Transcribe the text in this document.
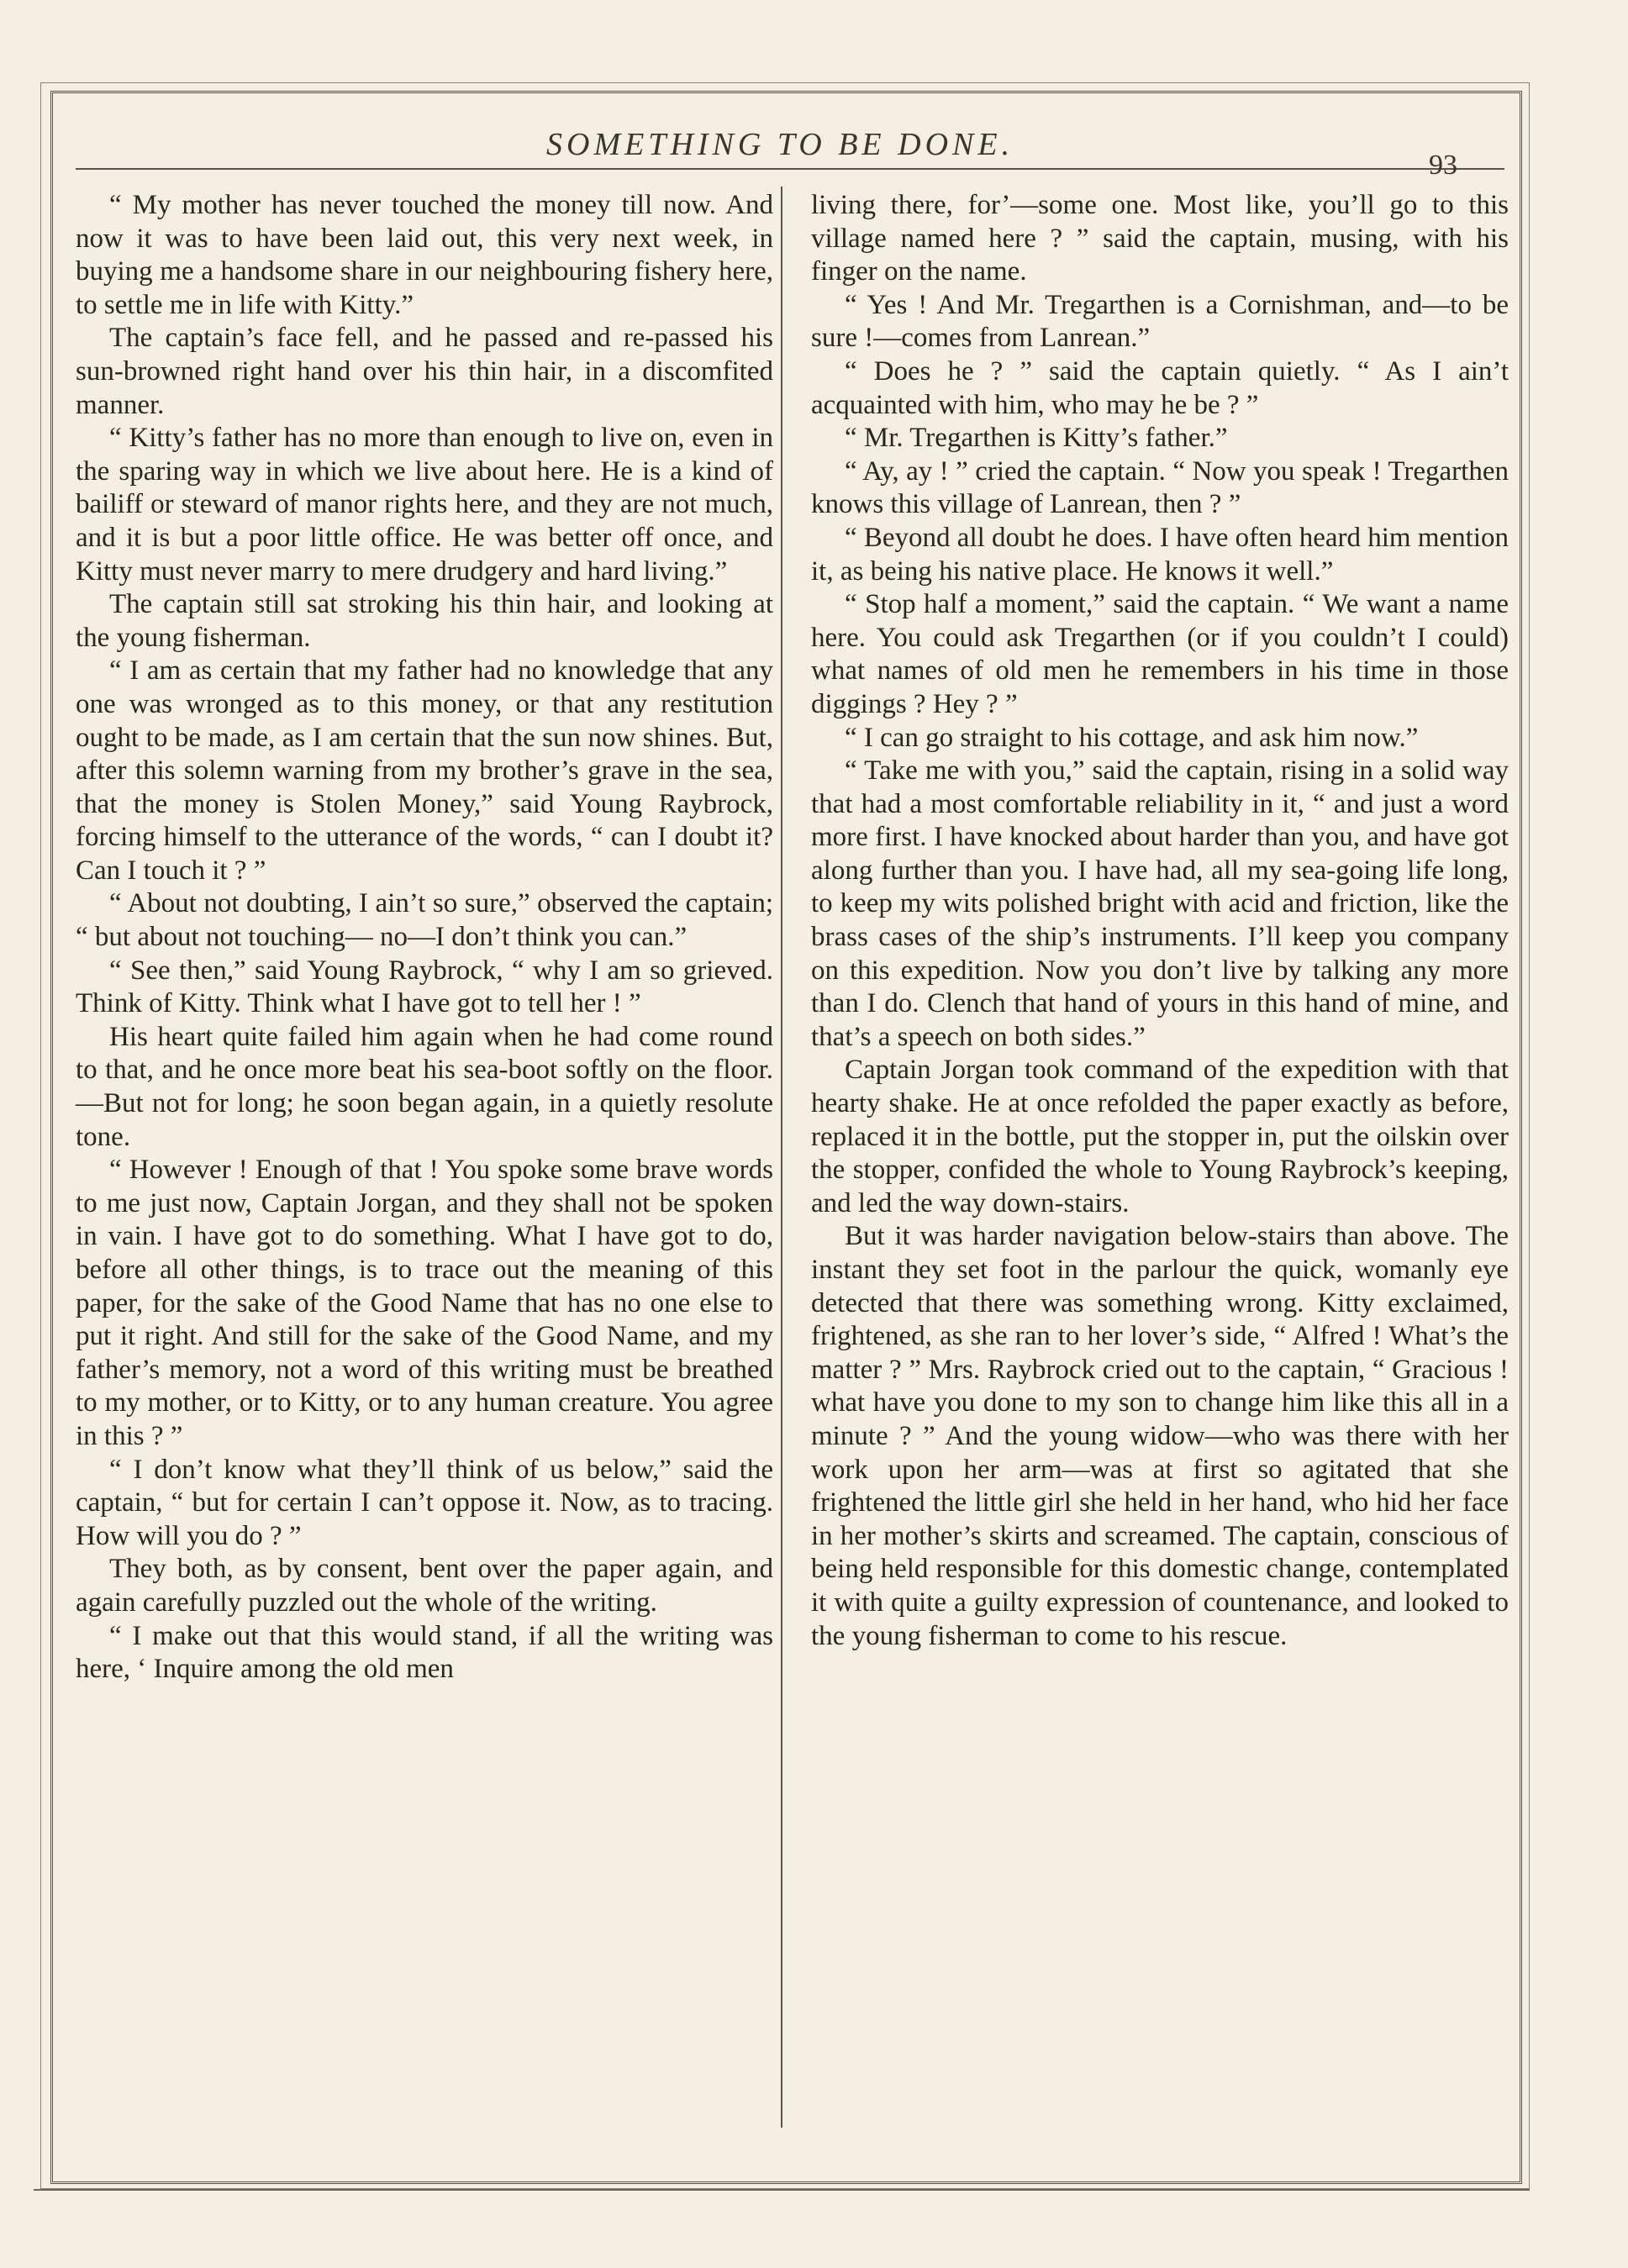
SOMETHING TO BE DONE.
93

“ My mother has never touched the money till now. And now it was to have been laid out, this very next week, in buying me a handsome share in our neighbouring fishery here, to settle me in life with Kitty.”

The captain’s face fell, and he passed and re-passed his sun-browned right hand over his thin hair, in a discomfited manner.

“ Kitty’s father has no more than enough to live on, even in the sparing way in which we live about here. He is a kind of bailiff or steward of manor rights here, and they are not much, and it is but a poor little office. He was better off once, and Kitty must never marry to mere drudgery and hard living.”

The captain still sat stroking his thin hair, and looking at the young fisherman.

“ I am as certain that my father had no knowledge that any one was wronged as to this money, or that any restitution ought to be made, as I am certain that the sun now shines. But, after this solemn warning from my brother’s grave in the sea, that the money is Stolen Money,” said Young Raybrock, forcing himself to the utterance of the words, “ can I doubt it? Can I touch it ? ”

“ About not doubting, I ain’t so sure,” observed the captain; “ but about not touching— no—I don’t think you can.”

“ See then,” said Young Raybrock, “ why I am so grieved. Think of Kitty. Think what I have got to tell her ! ”

His heart quite failed him again when he had come round to that, and he once more beat his sea-boot softly on the floor.—But not for long; he soon began again, in a quietly resolute tone.

“ However ! Enough of that ! You spoke some brave words to me just now, Captain Jorgan, and they shall not be spoken in vain. I have got to do something. What I have got to do, before all other things, is to trace out the meaning of this paper, for the sake of the Good Name that has no one else to put it right. And still for the sake of the Good Name, and my father’s memory, not a word of this writing must be breathed to my mother, or to Kitty, or to any human creature. You agree in this ? ”

“ I don’t know what they’ll think of us below,” said the captain, “ but for certain I can’t oppose it. Now, as to tracing. How will you do ? ”

They both, as by consent, bent over the paper again, and again carefully puzzled out the whole of the writing.

“ I make out that this would stand, if all the writing was here, ‘ Inquire among the old men

living there, for’—some one. Most like, you’ll go to this village named here ? ” said the captain, musing, with his finger on the name.

“ Yes ! And Mr. Tregarthen is a Cornishman, and—to be sure !—comes from Lanrean.”

“ Does he ? ” said the captain quietly. “ As I ain’t acquainted with him, who may he be ? ”

“ Mr. Tregarthen is Kitty’s father.”

“ Ay, ay ! ” cried the captain. “ Now you speak ! Tregarthen knows this village of Lanrean, then ? ”

“ Beyond all doubt he does. I have often heard him mention it, as being his native place. He knows it well.”

“ Stop half a moment,” said the captain. “ We want a name here. You could ask Tregarthen (or if you couldn’t I could) what names of old men he remembers in his time in those diggings ? Hey ? ”

“ I can go straight to his cottage, and ask him now.”

“ Take me with you,” said the captain, rising in a solid way that had a most comfortable reliability in it, “ and just a word more first. I have knocked about harder than you, and have got along further than you. I have had, all my sea-going life long, to keep my wits polished bright with acid and friction, like the brass cases of the ship’s instruments. I’ll keep you company on this expedition. Now you don’t live by talking any more than I do. Clench that hand of yours in this hand of mine, and that’s a speech on both sides.”

Captain Jorgan took command of the expedition with that hearty shake. He at once refolded the paper exactly as before, replaced it in the bottle, put the stopper in, put the oilskin over the stopper, confided the whole to Young Raybrock’s keeping, and led the way down-stairs.

But it was harder navigation below-stairs than above. The instant they set foot in the parlour the quick, womanly eye detected that there was something wrong. Kitty exclaimed, frightened, as she ran to her lover’s side, “ Alfred ! What’s the matter ? ” Mrs. Raybrock cried out to the captain, “ Gracious ! what have you done to my son to change him like this all in a minute ? ” And the young widow—who was there with her work upon her arm—was at first so agitated that she frightened the little girl she held in her hand, who hid her face in her mother’s skirts and screamed. The captain, conscious of being held responsible for this domestic change, contemplated it with quite a guilty expression of countenance, and looked to the young fisherman to come to his rescue.
